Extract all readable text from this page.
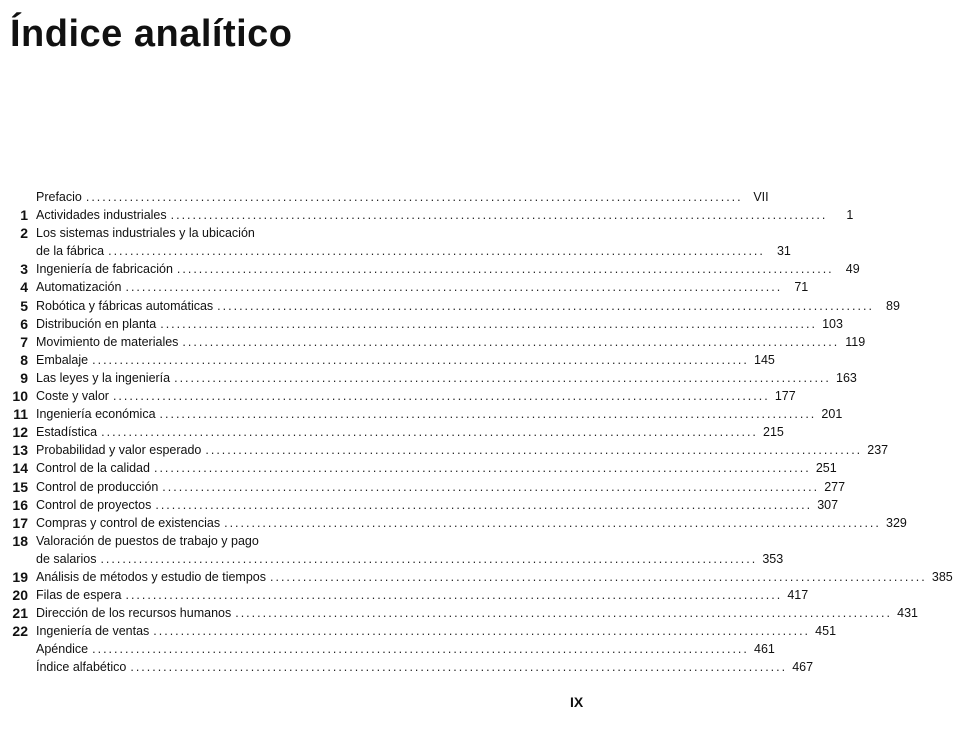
Índice analítico
Prefacio ........................................................................................................................ VII
1 Actividades industriales ........................................................................................................................	1
2 Los sistemas industriales y la ubicación
de la fábrica ........................................................................................................................ 31
3 Ingeniería de fabricación ........................................................................................................................ 49
4 Automatización ........................................................................................................................ 71
5 Robótica y fábricas automáticas ........................................................................................................................ 89
6 Distribución en planta ........................................................................................................................ 103
7 Movimiento de materiales ........................................................................................................................ 119
8 Embalaje ........................................................................................................................ 145
9 Las leyes y la ingeniería ........................................................................................................................ 163
10 Coste y valor ........................................................................................................................ 177
11 Ingeniería económica ........................................................................................................................ 201
12 Estadística ........................................................................................................................ 215
13 Probabilidad y valor esperado ........................................................................................................................ 237
14 Control de la calidad ........................................................................................................................ 251
15 Control de producción ........................................................................................................................ 277
16 Control de proyectos ........................................................................................................................ 307
17 Compras y control de existencias ........................................................................................................................ 329
18 Valoración de puestos de trabajo y pago
de salarios ........................................................................................................................ 353
19 Análisis de métodos y estudio de tiempos ........................................................................................................................ 385
20 Filas de espera ........................................................................................................................ 417
21 Dirección de los recursos humanos ........................................................................................................................ 431
22 Ingeniería de ventas ........................................................................................................................ 451
Apéndice ........................................................................................................................ 461
Índice alfabético ........................................................................................................................ 467
IX
